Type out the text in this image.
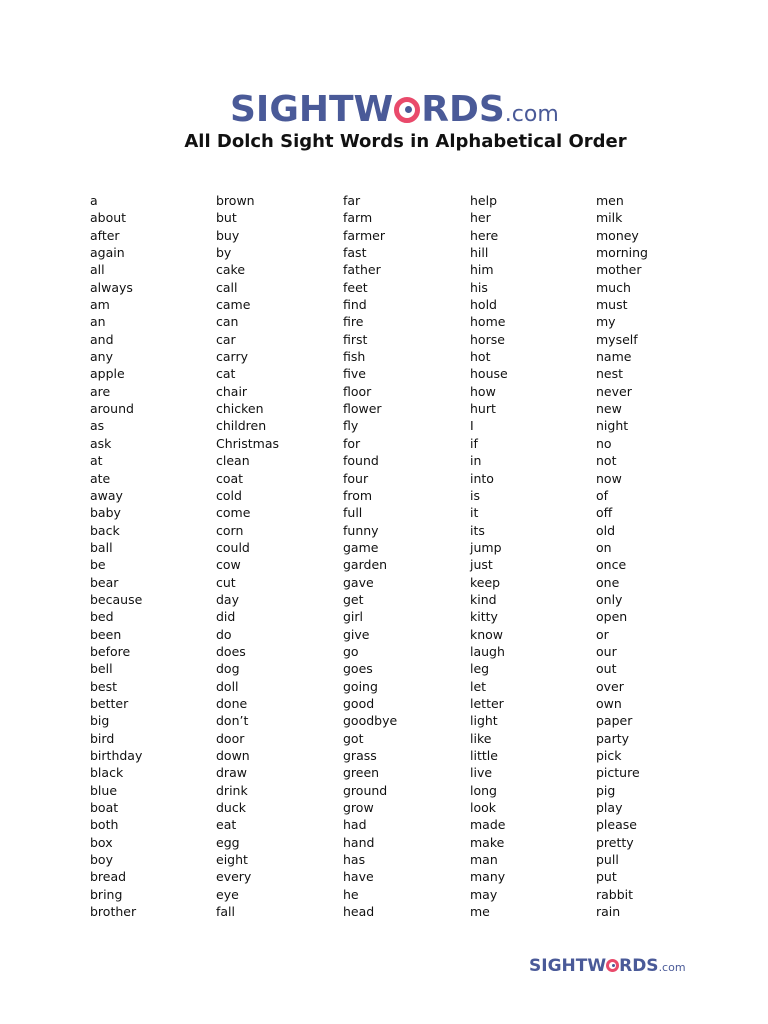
SIGHTW RDS.com
All Dolch Sight Words in Alphabetical Order
a
about
after
again
all
always
am
an
and
any
apple
are
around
as
ask
at
ate
away
baby
back
ball
be
bear
because
bed
been
before
bell
best
better
big
bird
birthday
black
blue
boat
both
box
boy
bread
bring
brother
brown
but
buy
by
cake
call
came
can
car
carry
cat
chair
chicken
children
Christmas
clean
coat
cold
come
corn
could
cow
cut
day
did
do
does
dog
doll
done
don’t
door
down
draw
drink
duck
eat
egg
eight
every
eye
fall
far
farm
farmer
fast
father
feet
find
fire
first
fish
five
floor
flower
fly
for
found
four
from
full
funny
game
garden
gave
get
girl
give
go
goes
going
good
goodbye
got
grass
green
ground
grow
had
hand
has
have
he
head
help
her
here
hill
him
his
hold
home
horse
hot
house
how
hurt
I
if
in
into
is
it
its
jump
just
keep
kind
kitty
know
laugh
leg
let
letter
light
like
little
live
long
look
made
make
man
many
may
me
men
milk
money
morning
mother
much
must
my
myself
name
nest
never
new
night
no
not
now
of
off
old
on
once
one
only
open
or
our
out
over
own
paper
party
pick
picture
pig
play
please
pretty
pull
put
rabbit
rain
SIGHTW RDS.com
